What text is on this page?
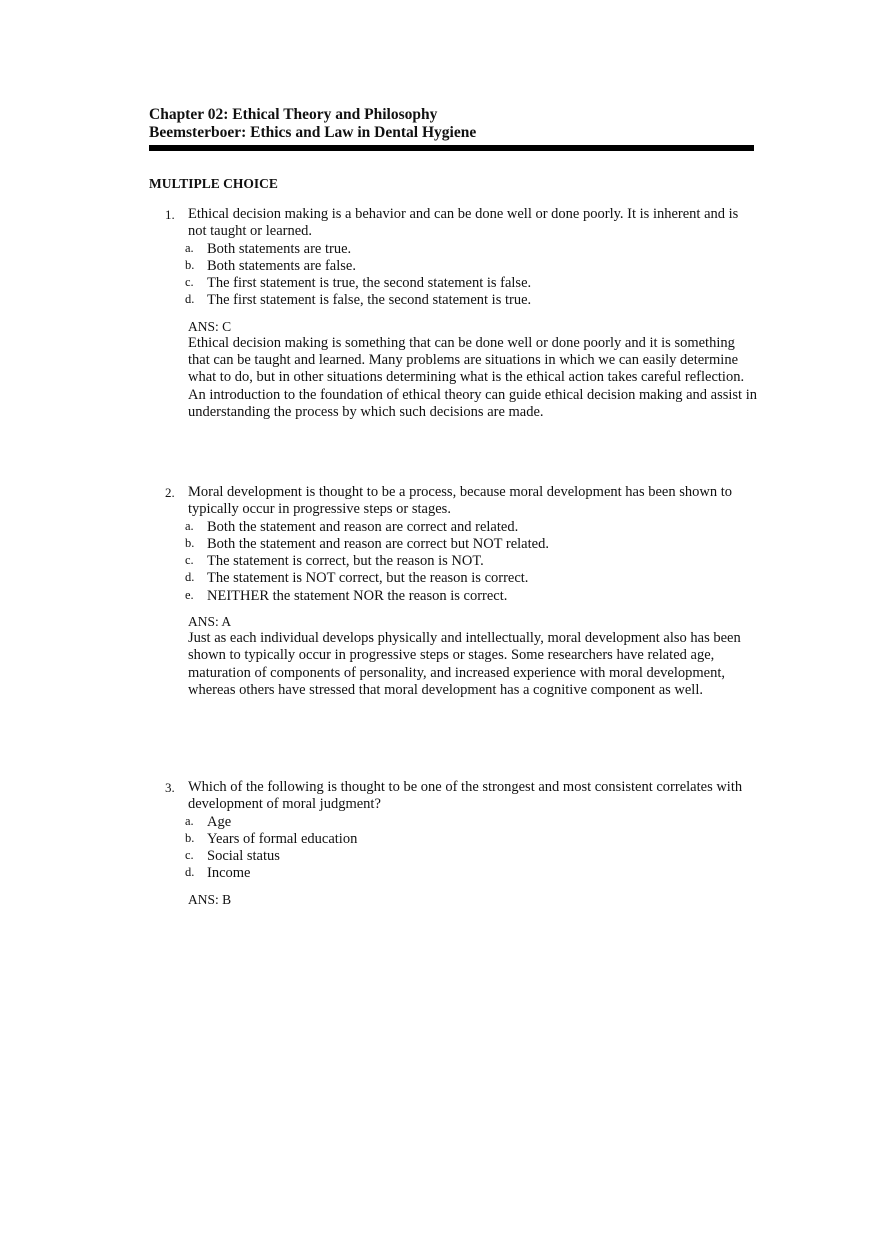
Chapter 02: Ethical Theory and Philosophy
Beemsterboer: Ethics and Law in Dental Hygiene
MULTIPLE CHOICE
1. Ethical decision making is a behavior and can be done well or done poorly. It is inherent and is not taught or learned.
a. Both statements are true.
b. Both statements are false.
c. The first statement is true, the second statement is false.
d. The first statement is false, the second statement is true.
ANS: C
Ethical decision making is something that can be done well or done poorly and it is something that can be taught and learned. Many problems are situations in which we can easily determine what to do, but in other situations determining what is the ethical action takes careful reflection. An introduction to the foundation of ethical theory can guide ethical decision making and assist in understanding the process by which such decisions are made.
2. Moral development is thought to be a process, because moral development has been shown to typically occur in progressive steps or stages.
a. Both the statement and reason are correct and related.
b. Both the statement and reason are correct but NOT related.
c. The statement is correct, but the reason is NOT.
d. The statement is NOT correct, but the reason is correct.
e. NEITHER the statement NOR the reason is correct.
ANS: A
Just as each individual develops physically and intellectually, moral development also has been shown to typically occur in progressive steps or stages. Some researchers have related age, maturation of components of personality, and increased experience with moral development, whereas others have stressed that moral development has a cognitive component as well.
3. Which of the following is thought to be one of the strongest and most consistent correlates with development of moral judgment?
a. Age
b. Years of formal education
c. Social status
d. Income
ANS: B
